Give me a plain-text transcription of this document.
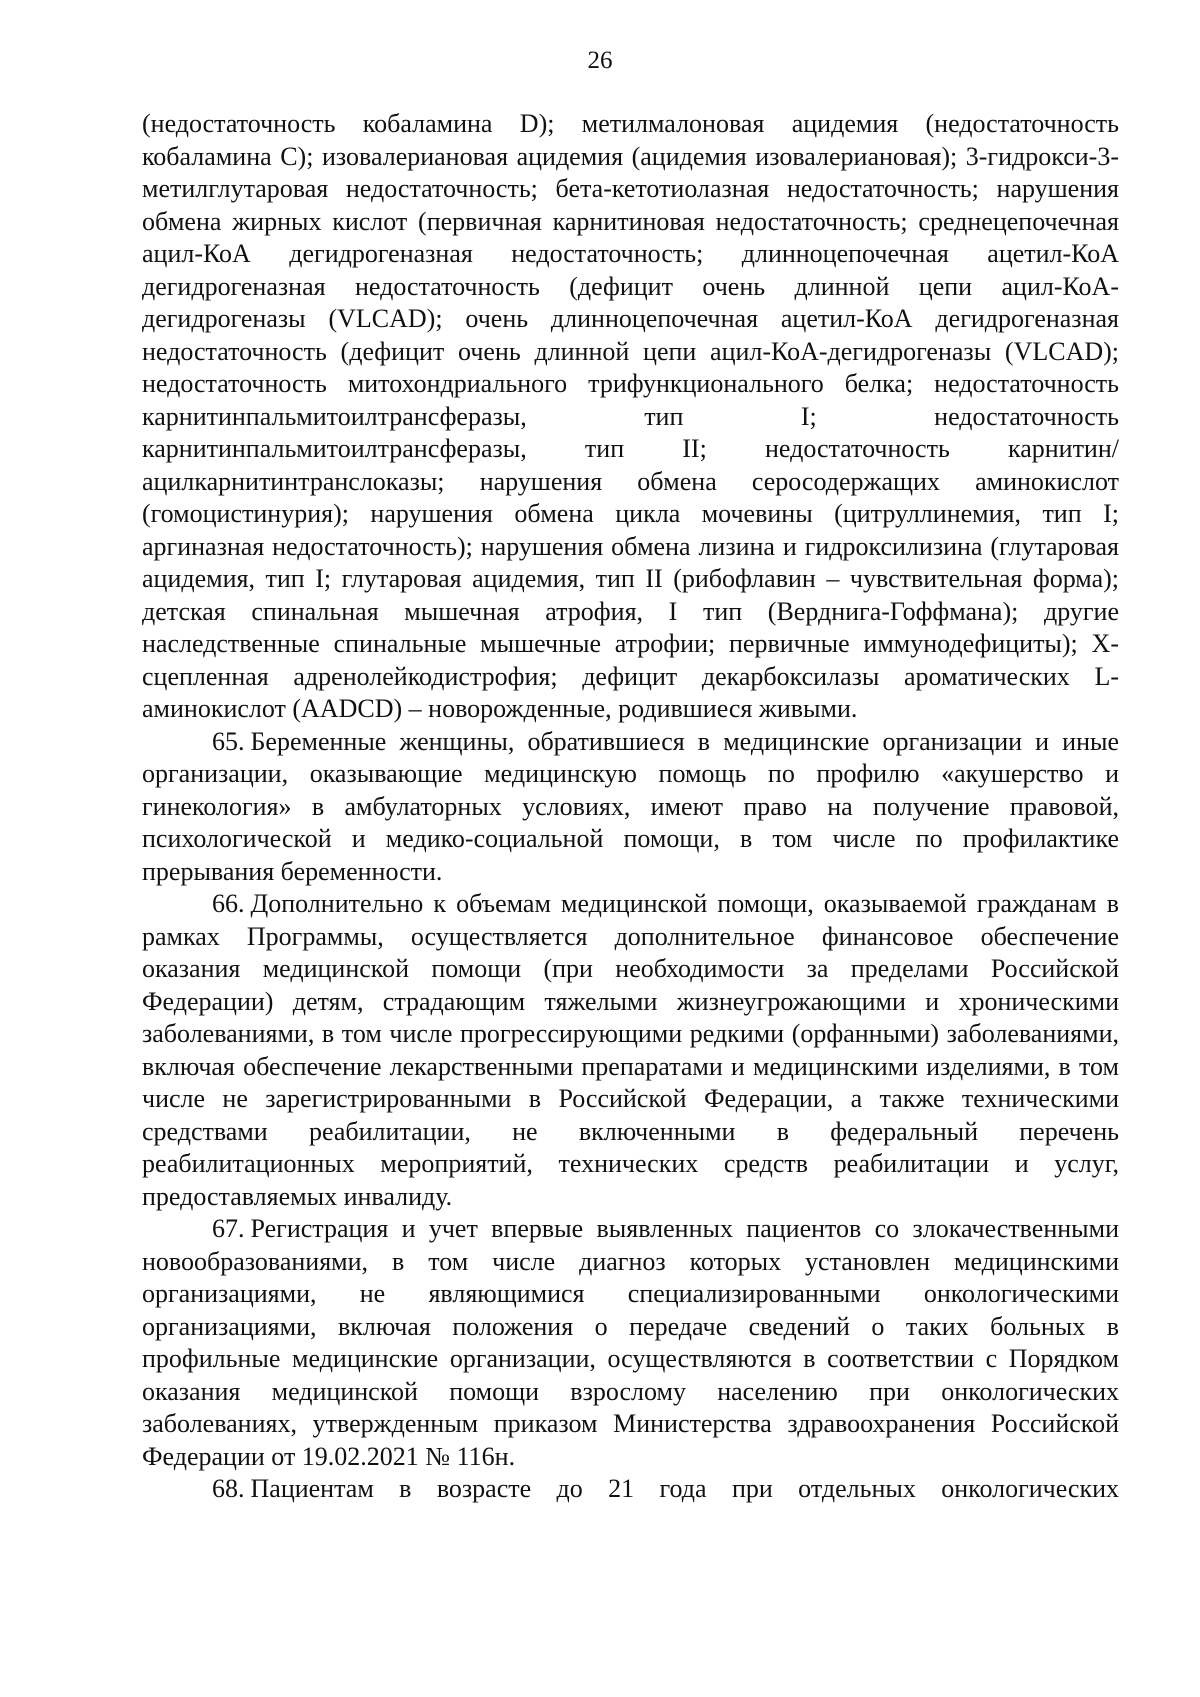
26

(недостаточность кобаламина D); метилмалоновая ацидемия (недостаточность кобаламина C); изовалериановая ацидемия (ацидемия изовалериановая); 3-гидрокси-3-метилглутаровая недостаточность; бета-кетотиолазная недостаточность; нарушения обмена жирных кислот (первичная карнитиновая недостаточность; среднецепочечная ацил-КоА дегидрогеназная недостаточность; длинноцепочечная ацетил-КоА дегидрогеназная недостаточность (дефицит очень длинной цепи ацил-КоА-дегидрогеназы (VLCAD); очень длинноцепочечная ацетил-КоА дегидрогеназная недостаточность (дефицит очень длинной цепи ацил-КоА-дегидрогеназы (VLCAD); недостаточность митохондриального трифункционального белка; недостаточность карнитинпальмитоилтрансферазы, тип I; недостаточность карнитинпальмитоилтрансферазы, тип II; недостаточность карнитин/ацилкарнитинтранслоказы; нарушения обмена серосодержащих аминокислот (гомоцистинурия); нарушения обмена цикла мочевины (цитруллинемия, тип I; аргиназная недостаточность); нарушения обмена лизина и гидроксилизина (глутаровая ацидемия, тип I; глутаровая ацидемия, тип II (рибофлавин – чувствительная форма); детская спинальная мышечная атрофия, I тип (Верднига-Гоффмана); другие наследственные спинальные мышечные атрофии; первичные иммунодефициты); X-сцепленная адренолейкодистрофия; дефицит декарбоксилазы ароматических L-аминокислот (AADCD) – новорожденные, родившиеся живыми.

65. Беременные женщины, обратившиеся в медицинские организации и иные организации, оказывающие медицинскую помощь по профилю «акушерство и гинекология» в амбулаторных условиях, имеют право на получение правовой, психологической и медико-социальной помощи, в том числе по профилактике прерывания беременности.

66. Дополнительно к объемам медицинской помощи, оказываемой гражданам в рамках Программы, осуществляется дополнительное финансовое обеспечение оказания медицинской помощи (при необходимости за пределами Российской Федерации) детям, страдающим тяжелыми жизнеугрожающими и хроническими заболеваниями, в том числе прогрессирующими редкими (орфанными) заболеваниями, включая обеспечение лекарственными препаратами и медицинскими изделиями, в том числе не зарегистрированными в Российской Федерации, а также техническими средствами реабилитации, не включенными в федеральный перечень реабилитационных мероприятий, технических средств реабилитации и услуг, предоставляемых инвалиду.

67. Регистрация и учет впервые выявленных пациентов со злокачественными новообразованиями, в том числе диагноз которых установлен медицинскими организациями, не являющимися специализированными онкологическими организациями, включая положения о передаче сведений о таких больных в профильные медицинские организации, осуществляются в соответствии с Порядком оказания медицинской помощи взрослому населению при онкологических заболеваниях, утвержденным приказом Министерства здравоохранения Российской Федерации от 19.02.2021 № 116н.

68. Пациентам в возрасте до 21 года при отдельных онкологических
